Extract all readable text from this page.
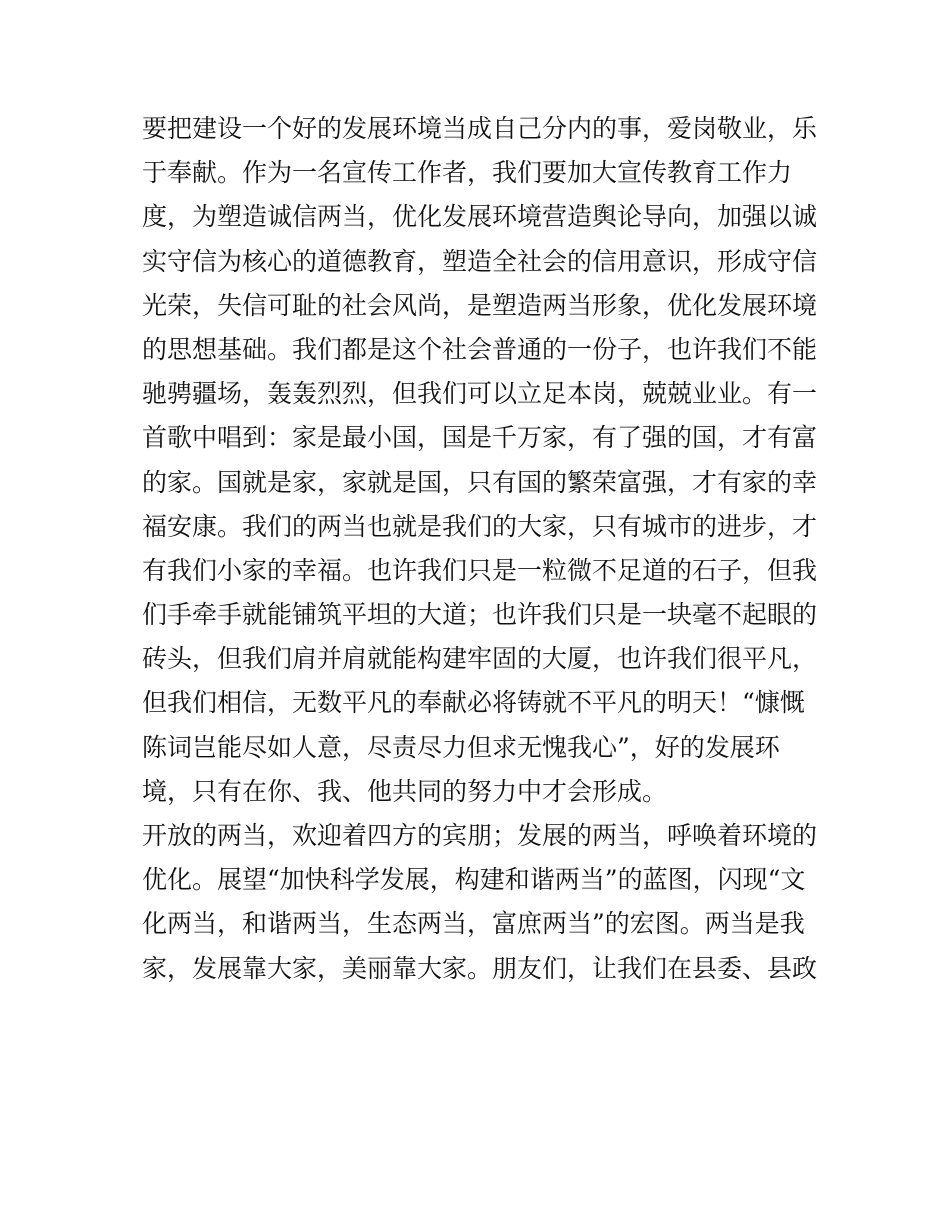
要把建设一个好的发展环境当成自己分内的事，爱岗敬业，乐
于奉献。作为一名宣传工作者，我们要加大宣传教育工作力
度，为塑造诚信两当，优化发展环境营造舆论导向，加强以诚
实守信为核心的道德教育，塑造全社会的信用意识，形成守信
光荣，失信可耻的社会风尚，是塑造两当形象，优化发展环境
的思想基础。我们都是这个社会普通的一份子，也许我们不能
驰骋疆场，轰轰烈烈，但我们可以立足本岗，兢兢业业。有一
首歌中唱到：家是最小国，国是千万家，有了强的国，才有富
的家。国就是家，家就是国，只有国的繁荣富强，才有家的幸
福安康。我们的两当也就是我们的大家，只有城市的进步，才
有我们小家的幸福。也许我们只是一粒微不足道的石子，但我
们手牵手就能铺筑平坦的大道；也许我们只是一块毫不起眼的
砖头，但我们肩并肩就能构建牢固的大厦，也许我们很平凡，
但我们相信，无数平凡的奉献必将铸就不平凡的明天！“慷慨
陈词岂能尽如人意，尽责尽力但求无愧我心”，好的发展环
境，只有在你、我、他共同的努力中才会形成。
开放的两当，欢迎着四方的宾朋；发展的两当，呼唤着环境的
优化。展望“加快科学发展，构建和谐两当”的蓝图，闪现“文
化两当，和谐两当，生态两当，富庶两当”的宏图。两当是我
家，发展靠大家，美丽靠大家。朋友们，让我们在县委、县政
